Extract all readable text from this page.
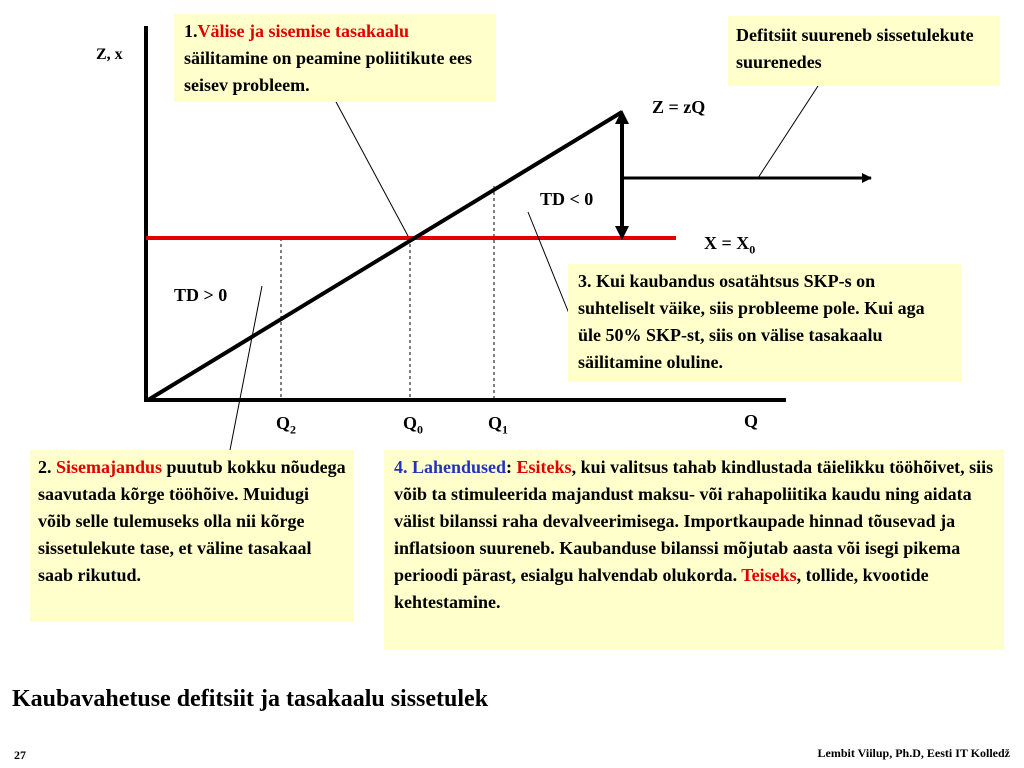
Z, x
Q
Z = zQ
$X = X_0$
TD > 0
TD < 0
$Q_2$	$Q_0$	$Q_1$
1.Välise ja sisemise tasakaalu säilitamine on peamine poliitikute ees seisev probleem.
Defitsiit suureneb sissetulekute suurenedes
3. Kui kaubandus osatähtsus SKP-s on suhteliselt väike, siis probleeme pole. Kui aga üle 50% SKP-st, siis on välise tasakaalu säilitamine oluline.
2. Sisemajandus puutub kokku nõudega saavutada kõrge tööhõive. Muidugi võib selle tulemuseks olla nii kõrge sissetulekute tase, et väline tasakaal saab rikutud.
4. Lahendused: Esiteks, kui valitsus tahab kindlustada täielikku tööhõivet, siis võib ta stimuleerida majandust maksu- või rahapoliitika kaudu ning aidata välist bilanssi raha devalveerimisega. Importkaupade hinnad tõusevad ja inflatsioon suureneb. Kaubanduse bilanssi mõjutab aasta või isegi pikema perioodi pärast, esialgu halvendab olukorda. Teiseks, tollide, kvootide kehtestamine.
Kaubavahetuse defitsiit ja tasakaalu sissetulek
27	Lembit Viilup, Ph.D, Eesti IT Kolledž
